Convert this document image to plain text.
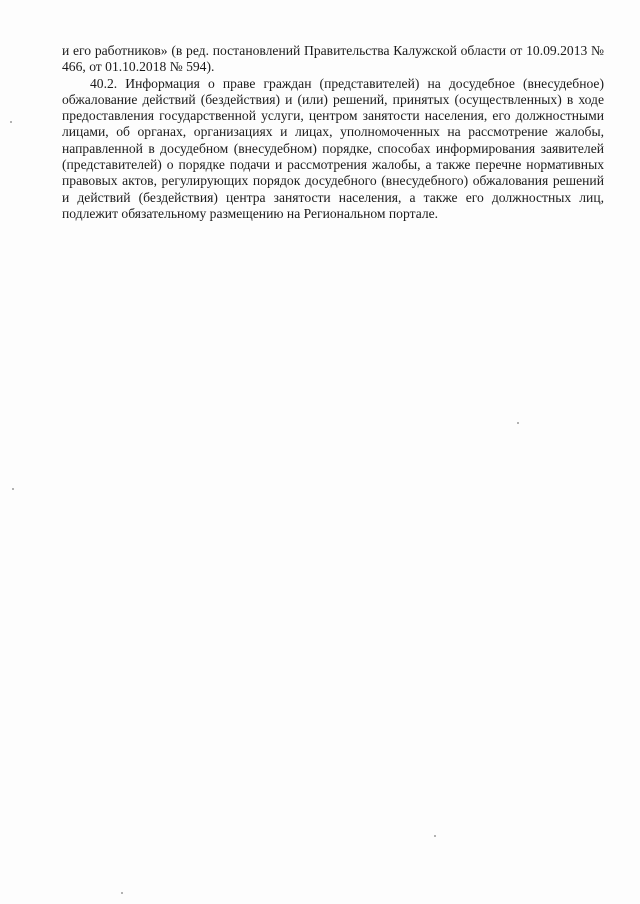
и его работников» (в ред. постановлений Правительства Калужской области от 10.09.2013 № 466, от 01.10.2018 № 594).

40.2. Информация о праве граждан (представителей) на досудебное (внесудебное) обжалование действий (бездействия) и (или) решений, принятых (осуществленных) в ходе предоставления государственной услуги, центром занятости населения, его должностными лицами, об органах, организациях и лицах, уполномоченных на рассмотрение жалобы, направленной в досудебном (внесудебном) порядке, способах информирования заявителей (представителей) о порядке подачи и рассмотрения жалобы, а также перечне нормативных правовых актов, регулирующих порядок досудебного (внесудебного) обжалования решений и действий (бездействия) центра занятости населения, а также его должностных лиц, подлежит обязательному размещению на Региональном портале.
